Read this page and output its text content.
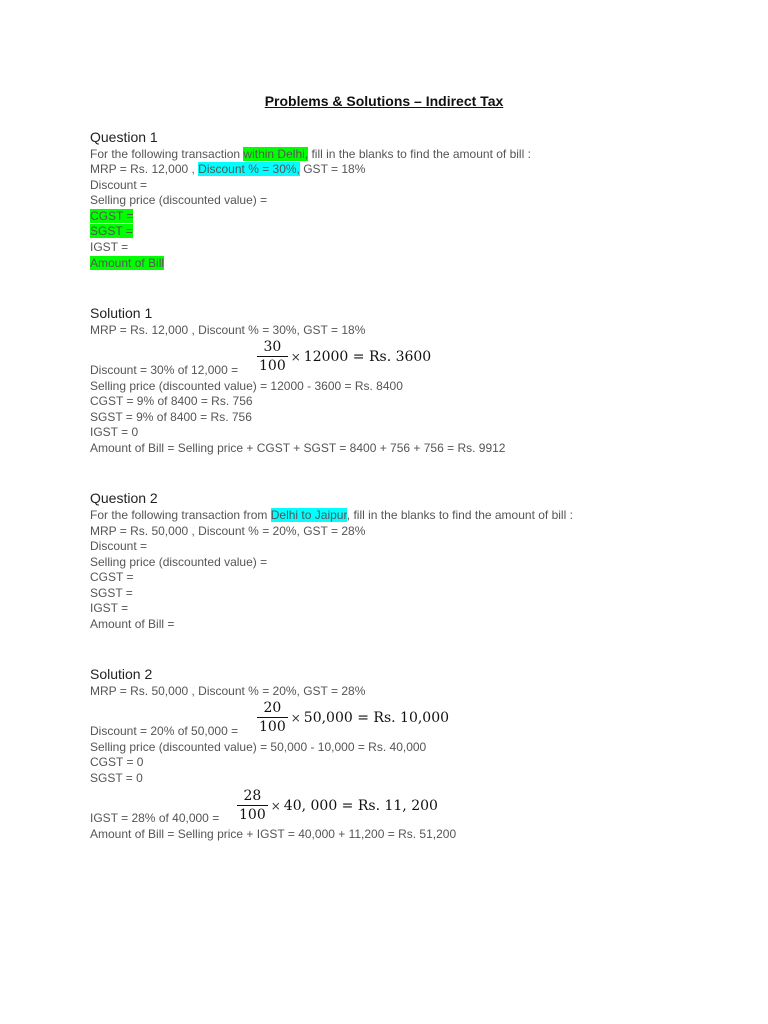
Problems & Solutions – Indirect Tax
Question 1
For the following transaction within Delhi, fill in the blanks to find the amount of bill :
MRP = Rs. 12,000 , Discount % = 30%, GST = 18%
Discount =
Selling price (discounted value) =
CGST =
SGST =
IGST =
Amount of Bill
Solution 1
MRP = Rs. 12,000 , Discount % = 30%, GST = 18%
$\frac{30}{100} \times 12000 = Rs$. 3600
Discount = 30% of 12,000 =
Selling price (discounted value) = 12000 - 3600 = Rs. 8400
CGST = 9% of 8400 = Rs. 756
SGST = 9% of 8400 = Rs. 756
IGST = 0
Amount of Bill = Selling price + CGST + SGST = 8400 + 756 + 756 = Rs. 9912
Question 2
For the following transaction from Delhi to Jaipur, fill in the blanks to find the amount of bill :
MRP = Rs. 50,000 , Discount % = 20%, GST = 28%
Discount =
Selling price (discounted value) =
CGST =
SGST =
IGST =
Amount of Bill =
Solution 2
MRP = Rs. 50,000 , Discount % = 20%, GST = 28%
$\frac{20}{100} \times 50,000 = Rs$. 10,000
Discount = 20% of 50,000 =
Selling price (discounted value) = 50,000 - 10,000 = Rs. 40,000
CGST = 0
SGST = 0
$\frac{28}{100} \times 40$, 000 = Rs. 11, 200
IGST = 28% of 40,000 =
Amount of Bill = Selling price + IGST = 40,000 + 11,200 = Rs. 51,200
